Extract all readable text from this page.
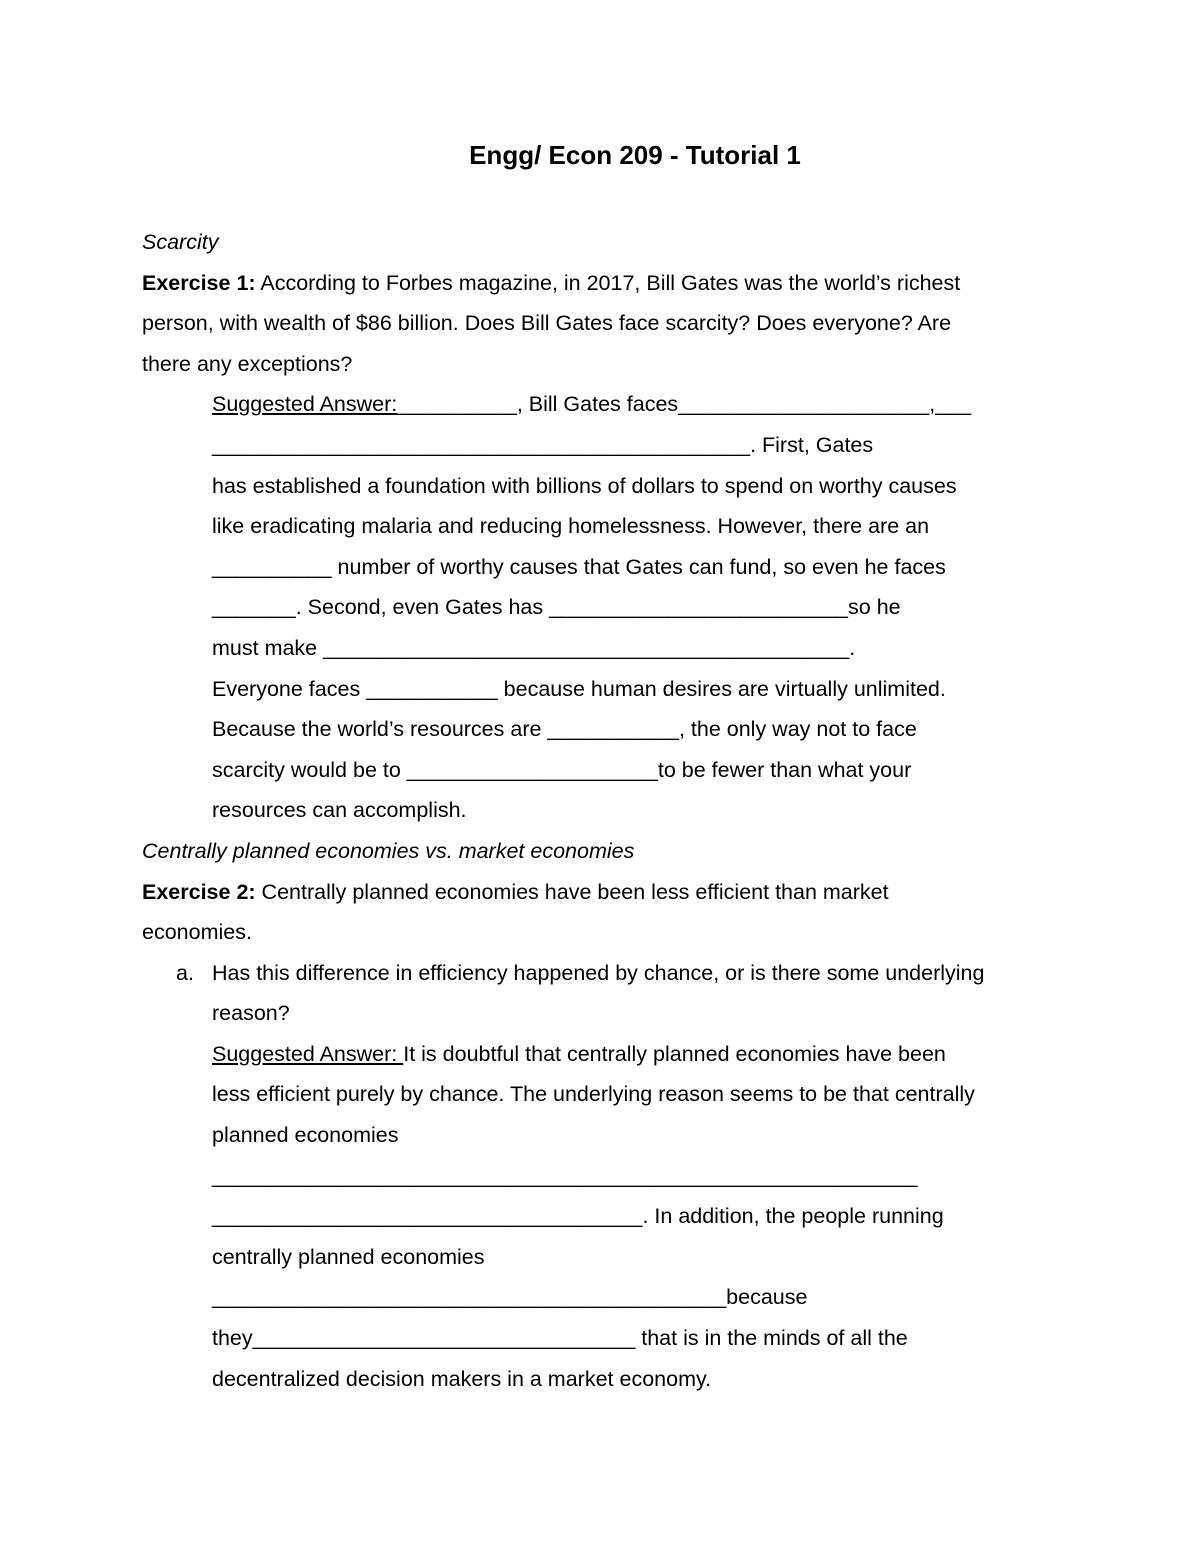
Engg/ Econ 209 - Tutorial 1
Scarcity
Exercise 1: According to Forbes magazine, in 2017, Bill Gates was the world’s richest
person, with wealth of $86 billion. Does Bill Gates face scarcity? Does everyone? Are
there any exceptions?
Suggested Answer:__________, Bill Gates faces_____________________,___
_____________________________________________. First, Gates
has established a foundation with billions of dollars to spend on worthy causes
like eradicating malaria and reducing homelessness. However, there are an
__________ number of worthy causes that Gates can fund, so even he faces
_______. Second, even Gates has _________________________so he
must make ____________________________________________.
Everyone faces ___________ because human desires are virtually unlimited.
Because the world’s resources are ___________, the only way not to face
scarcity would be to _____________________to be fewer than what your
resources can accomplish.
Centrally planned economies vs. market economies
Exercise 2: Centrally planned economies have been less efficient than market
economies.
a. Has this difference in efficiency happened by chance, or is there some underlying
reason?
Suggested Answer: It is doubtful that centrally planned economies have been
less efficient purely by chance. The underlying reason seems to be that centrally
planned economies
___________________________________________________________
____________________________________. In addition, the people running
centrally planned economies
___________________________________________because
they________________________________ that is in the minds of all the
decentralized decision makers in a market economy.
